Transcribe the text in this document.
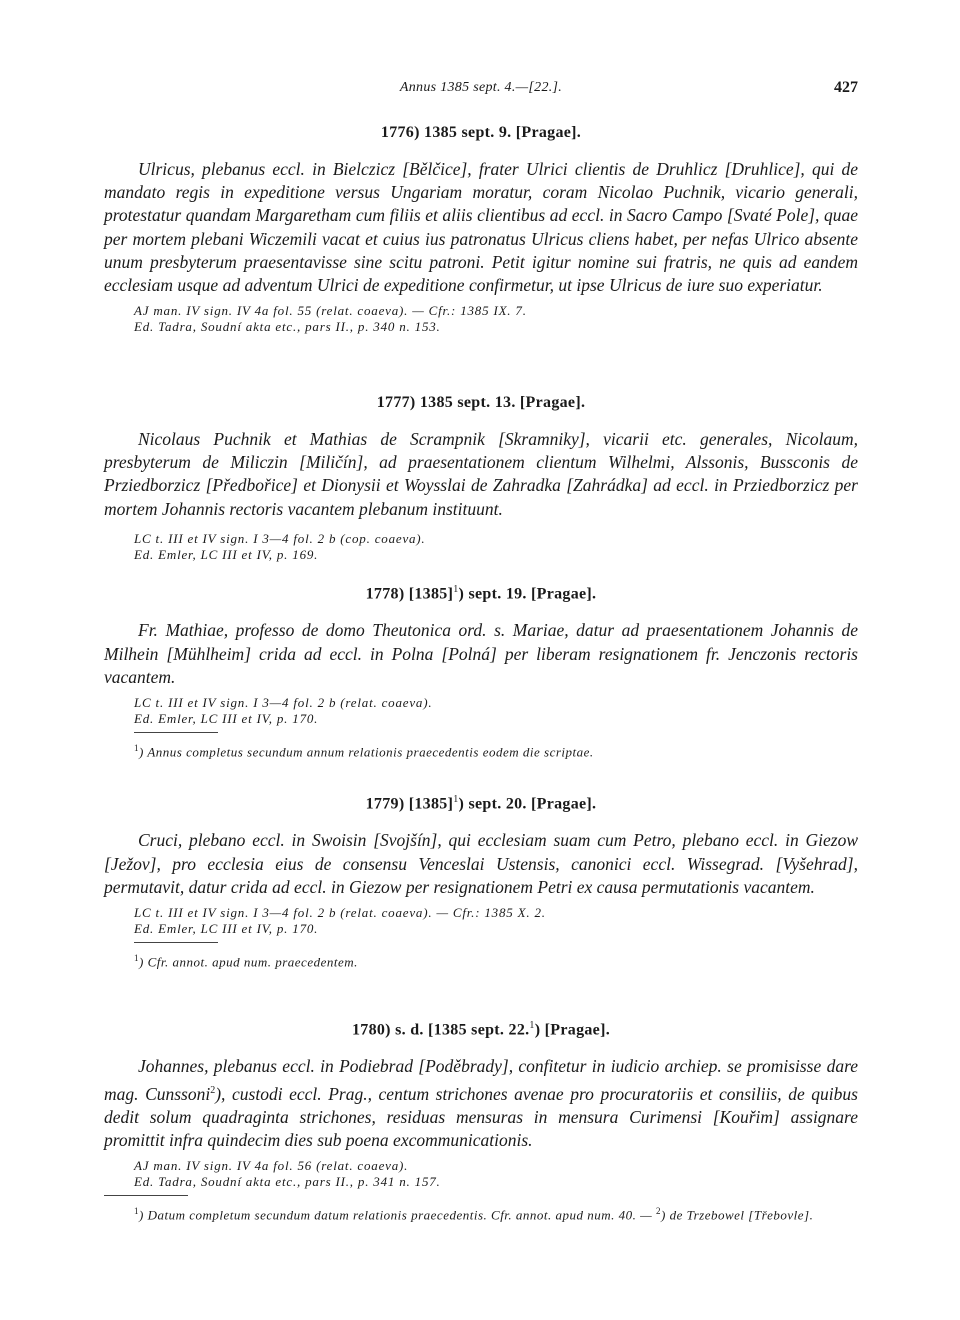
Annus 1385 sept. 4.—[22.].	427
1776) 1385 sept. 9. [Pragae].

Ulricus, plebanus eccl. in Bielczicz [Bělčice], frater Ulrici clientis de Druhlicz [Druhlice], qui de mandato regis in expeditione versus Ungariam moratur, coram Nicolao Puchnik, vicario generali, protestatur quandam Margaretham cum filiis et aliis clientibus ad eccl. in Sacro Campo [Svaté Pole], quae per mortem plebani Wiczemili vacat et cuius ius patronatus Ulricus cliens habet, per nefas Ulrico absente unum presbyterum praesentavisse sine scitu patroni. Petit igitur nomine sui fratris, ne quis ad eandem ecclesiam usque ad adventum Ulrici de expeditione confirmetur, ut ipse Ulricus de iure suo experiatur.

AJ man. IV sign. IV 4a fol. 55 (relat. coaeva). — Cfr.: 1385 IX. 7.
Ed. Tadra, Soudní akta etc., pars II., p. 340 n. 153.
1777) 1385 sept. 13. [Pragae].

Nicolaus Puchnik et Mathias de Scrampnik [Skramniky], vicarii etc. generales, Nicolaum, presbyterum de Miliczin [Miličín], ad praesentationem clientum Wilhelmi, Alssonis, Bussconis de Prziedborzicz [Předbořice] et Dionysii et Woysslai de Zahradka [Zahrádka] ad eccl. in Prziedborzicz per mortem Johannis rectoris vacantem plebanum instituunt.

LC t. III et IV sign. I 3—4 fol. 2 b (cop. coaeva).
Ed. Emler, LC III et IV, p. 169.
1778) $[1385]^1$) sept. 19. [Pragae].

Fr. Mathiae, professo de domo Theutonica ord. s. Mariae, datur ad praesentationem Johannis de Milhein [Mühlheim] crida ad eccl. in Polna [Polná] per liberam resignationem fr. Jenczonis rectoris vacantem.

LC t. III et IV sign. I 3—4 fol. 2 b (relat. coaeva).
Ed. Emler, LC III et IV, p. 170.
$^1$) Annus completus secundum annum relationis praecedentis eodem die scriptae.
1779) $[1385]^1$) sept. 20. [Pragae].

Cruci, plebano eccl. in Swoisin [Svojšín], qui ecclesiam suam cum Petro, plebano eccl. in Giezow [Ježov], pro ecclesia eius de consensu Venceslai Ustensis, canonici eccl. Wissegrad. [Vyšehrad], permutavit, datur crida ad eccl. in Giezow per resignationem Petri ex causa permutationis vacantem.

LC t. III et IV sign. I 3—4 fol. 2 b (relat. coaeva). — Cfr.: 1385 X. 2.
Ed. Emler, LC III et IV, p. 170.
$^1$) Cfr. annot. apud num. praecedentem.
1780) s. d. [1385 sept. 22.$^1$) [Pragae].

Johannes, plebanus eccl. in Podiebrad [Poděbrady], confitetur in iudicio archiep. se promisisse dare mag. Cunssoni$^2$), custodi eccl. Prag., centum strichones avenae pro procuratoriis et consiliis, de quibus dedit solum quadraginta strichones, residuas mensuras in mensura Curimensi [Kouřim] assignare promittit infra quindecim dies sub poena excommunicationis.

AJ man. IV sign. IV 4a fol. 56 (relat. coaeva).
Ed. Tadra, Soudní akta etc., pars II., p. 341 n. 157.
$^1$) Datum completum secundum datum relationis praecedentis. Cfr. annot. apud num. 40. — $^2$) de Trzebowel [Třebovle].
